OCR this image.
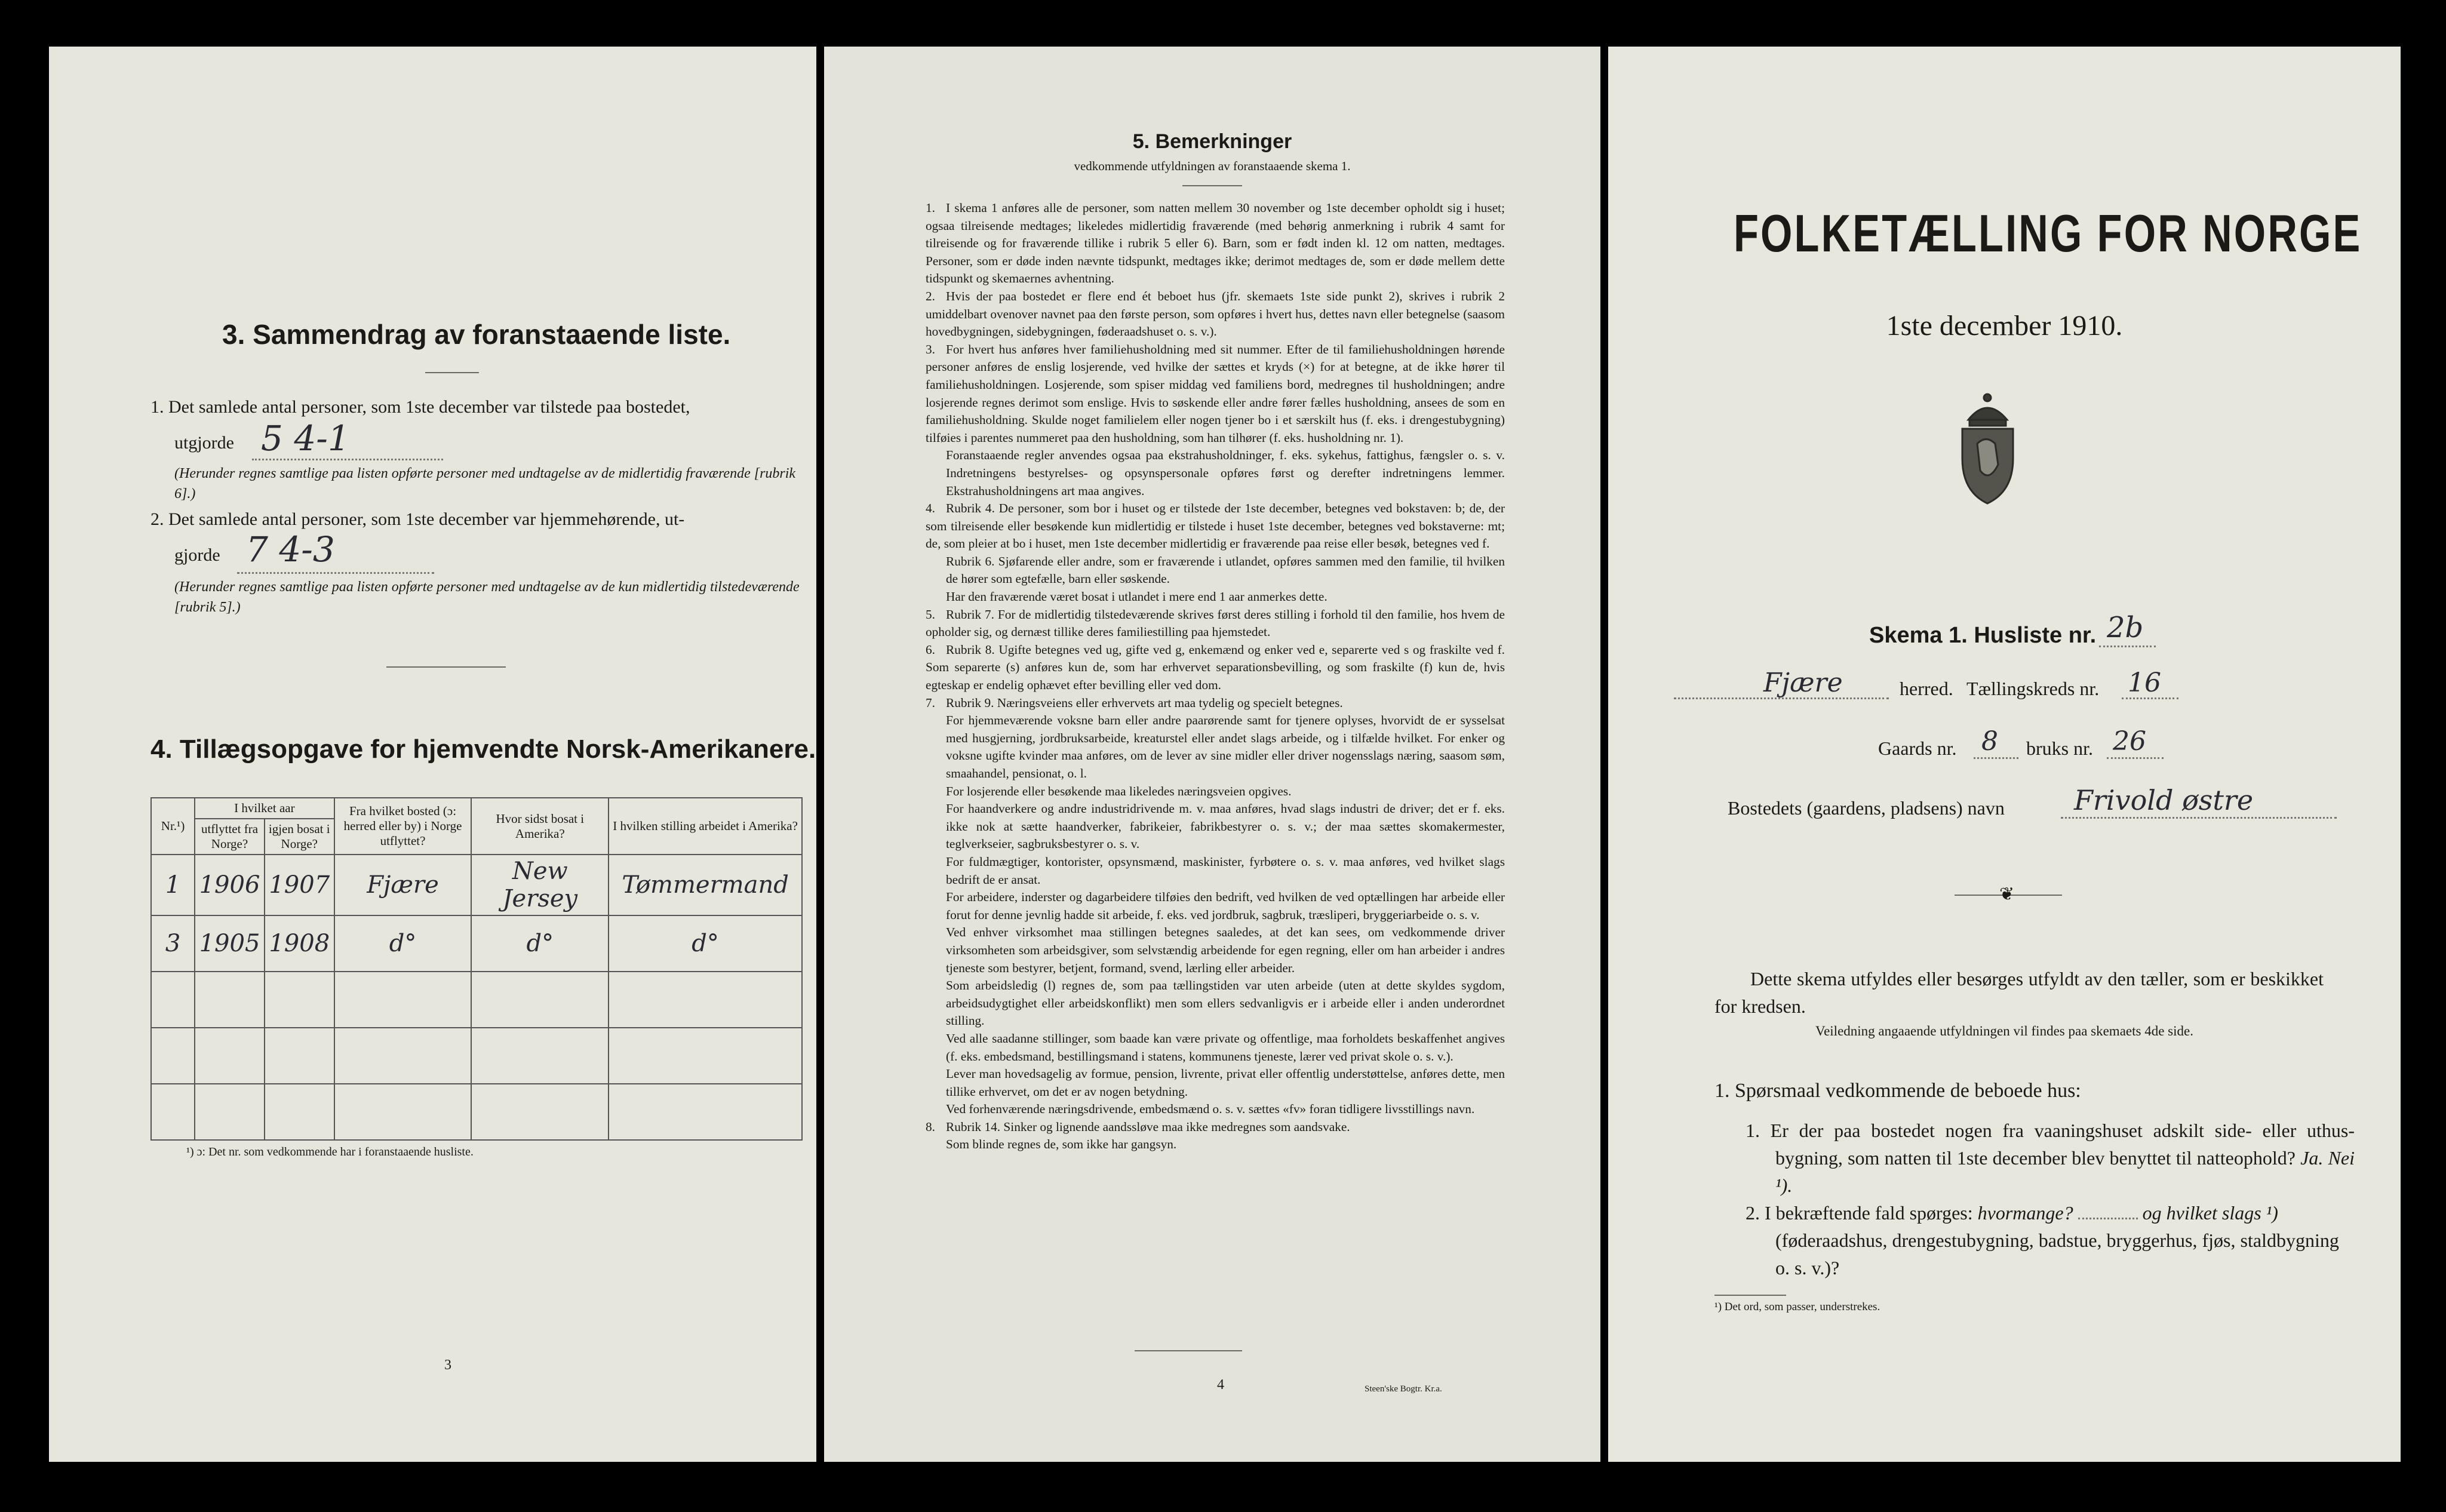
3. Sammendrag av foranstaaende liste.
1. Det samlede antal personer, som 1ste december var tilstede paa bostedet,
utgjorde 5 4-1
(Herunder regnes samtlige paa listen opførte personer med undtagelse av de midlertidig fraværende [rubrik 6].)
2. Det samlede antal personer, som 1ste december var hjemmehørende, ut-
gjorde 7 4-3
(Herunder regnes samtlige paa listen opførte personer med undtagelse av de kun midlertidig tilstedeværende [rubrik 5].)
4. Tillægsopgave for hjemvendte Norsk-Amerikanere.
Nr.¹)	I hvilket aar		Fra hvilket bosted (ɔ: herred eller by) i Norge utflyttet?	Hvor sidst bosat i Amerika?	I hvilken stilling arbeidet i Amerika?
	utflyttet fra Norge?	igjen bosat i Norge?			
1	1906	1907	Fjære	New Jersey	Tømmermand
3	1905	1908	d°	d°	d°

¹) ɔ: Det nr. som vedkommende har i foranstaaende husliste.
3
5. Bemerkninger
vedkommende utfyldningen av foranstaaende skema 1.

1. I skema 1 anføres alle de personer, som natten mellem 30 november og 1ste december opholdt sig i huset; ogsaa tilreisende medtages; likeledes midlertidig fraværende (med behørig anmerkning i rubrik 4 samt for tilreisende og for fraværende tillike i rubrik 5 eller 6). Barn, som er født inden kl. 12 om natten, medtages. Personer, som er døde inden nævnte tidspunkt, medtages ikke; derimot medtages de, som er døde mellem dette tidspunkt og skemaernes avhentning.

2. Hvis der paa bostedet er flere end ét beboet hus (jfr. skemaets 1ste side punkt 2), skrives i rubrik 2 umiddelbart ovenover navnet paa den første person, som opføres i hvert hus, dettes navn eller betegnelse (saasom hovedbygningen, sidebygningen, føderaadshuset o. s. v.).

3. For hvert hus anføres hver familiehusholdning med sit nummer. Efter de til familiehusholdningen hørende personer anføres de enslig losjerende, ved hvilke der sættes et kryds (×) for at betegne, at de ikke hører til familiehusholdningen. Losjerende, som spiser middag ved familiens bord, medregnes til husholdningen; andre losjerende regnes derimot som enslige. Hvis to søskende eller andre fører fælles husholdning, ansees de som en familiehusholdning. Skulde noget familielem eller nogen tjener bo i et særskilt hus (f. eks. i drengestubygning) tilføies i parentes nummeret paa den husholdning, som han tilhører (f. eks. husholdning nr. 1).

Foranstaaende regler anvendes ogsaa paa ekstrahusholdninger, f. eks. sykehus, fattighus, fængsler o. s. v. Indretningens bestyrelses- og opsynspersonale opføres først og derefter indretningens lemmer. Ekstrahusholdningens art maa angives.

4. Rubrik 4. De personer, som bor i huset og er tilstede der 1ste december, betegnes ved bokstaven: b; de, der som tilreisende eller besøkende kun midlertidig er tilstede i huset 1ste december, betegnes ved bokstaverne: mt; de, som pleier at bo i huset, men 1ste december midlertidig er fraværende paa reise eller besøk, betegnes ved f.

Rubrik 6. Sjøfarende eller andre, som er fraværende i utlandet, opføres sammen med den familie, til hvilken de hører som egtefælle, barn eller søskende.

Har den fraværende været bosat i utlandet i mere end 1 aar anmerkes dette.

5. Rubrik 7. For de midlertidig tilstedeværende skrives først deres stilling i forhold til den familie, hos hvem de opholder sig, og dernæst tillike deres familiestilling paa hjemstedet.

6. Rubrik 8. Ugifte betegnes ved ug, gifte ved g, enkemænd og enker ved e, separerte ved s og fraskilte ved f. Som separerte (s) anføres kun de, som har erhvervet separationsbevilling, og som fraskilte (f) kun de, hvis egteskap er endelig ophævet efter bevilling eller ved dom.

7. Rubrik 9. Næringsveiens eller erhvervets art maa tydelig og specielt betegnes.

For hjemmeværende voksne barn eller andre paarørende samt for tjenere oplyses, hvorvidt de er sysselsat med husgjerning, jordbruksarbeide, kreaturstel eller andet slags arbeide, og i tilfælde hvilket. For enker og voksne ugifte kvinder maa anføres, om de lever av sine midler eller driver nogensslags næring, saasom søm, smaahandel, pensionat, o. l.

For losjerende eller besøkende maa likeledes næringsveien opgives.

For haandverkere og andre industridrivende m. v. maa anføres, hvad slags industri de driver; det er f. eks. ikke nok at sætte haandverker, fabrikeier, fabrikbestyrer o. s. v.; der maa sættes skomakermester, teglverkseier, sagbruksbestyrer o. s. v.

For fuldmægtiger, kontorister, opsynsmænd, maskinister, fyrbøtere o. s. v. maa anføres, ved hvilket slags bedrift de er ansat.

For arbeidere, inderster og dagarbeidere tilføies den bedrift, ved hvilken de ved optællingen har arbeide eller forut for denne jevnlig hadde sit arbeide, f. eks. ved jordbruk, sagbruk, træsliperi, bryggeriarbeide o. s. v.

Ved enhver virksomhet maa stillingen betegnes saaledes, at det kan sees, om vedkommende driver virksomheten som arbeidsgiver, som selvstændig arbeidende for egen regning, eller om han arbeider i andres tjeneste som bestyrer, betjent, formand, svend, lærling eller arbeider.

Som arbeidsledig (l) regnes de, som paa tællingstiden var uten arbeide (uten at dette skyldes sygdom, arbeidsudygtighet eller arbeidskonflikt) men som ellers sedvanligvis er i arbeide eller i anden underordnet stilling.

Ved alle saadanne stillinger, som baade kan være private og offentlige, maa forholdets beskaffenhet angives (f. eks. embedsmand, bestillingsmand i statens, kommunens tjeneste, lærer ved privat skole o. s. v.).

Lever man hovedsagelig av formue, pension, livrente, privat eller offentlig understøttelse, anføres dette, men tillike erhvervet, om det er av nogen betydning.

Ved forhenværende næringsdrivende, embedsmænd o. s. v. sættes «fv» foran tidligere livsstillings navn.

8. Rubrik 14. Sinker og lignende aandssløve maa ikke medregnes som aandsvake.

Som blinde regnes de, som ikke har gangsyn.

4	Steen'ske Bogtr. Kr.a.
FOLKETÆLLING FOR NORGE
1ste december 1910.
Skema 1. Husliste nr. 2b
Fjære	herred. Tællingskreds nr. 16
Gaards nr. 8 bruks nr. 26
Bostedets (gaardens, pladsens) navn	Frivold østre
❦
Dette skema utfyldes eller besørges utfyldt av den tæller, som er beskikket for kredsen.
Veiledning angaaende utfyldningen vil findes paa skemaets 4de side.
1. Spørsmaal vedkommende de beboede hus:
1. Er der paa bostedet nogen fra vaaningshuset adskilt side- eller uthus-bygning, som natten til 1ste december blev benyttet til natteophold? Ja. Nei ¹).
2. I bekræftende fald spørges: hvormange?	og hvilket slags ¹) (føderaadshus, drengestubygning, badstue, bryggerhus, fjøs, staldbygning o. s. v.)?
¹) Det ord, som passer, understrekes.
